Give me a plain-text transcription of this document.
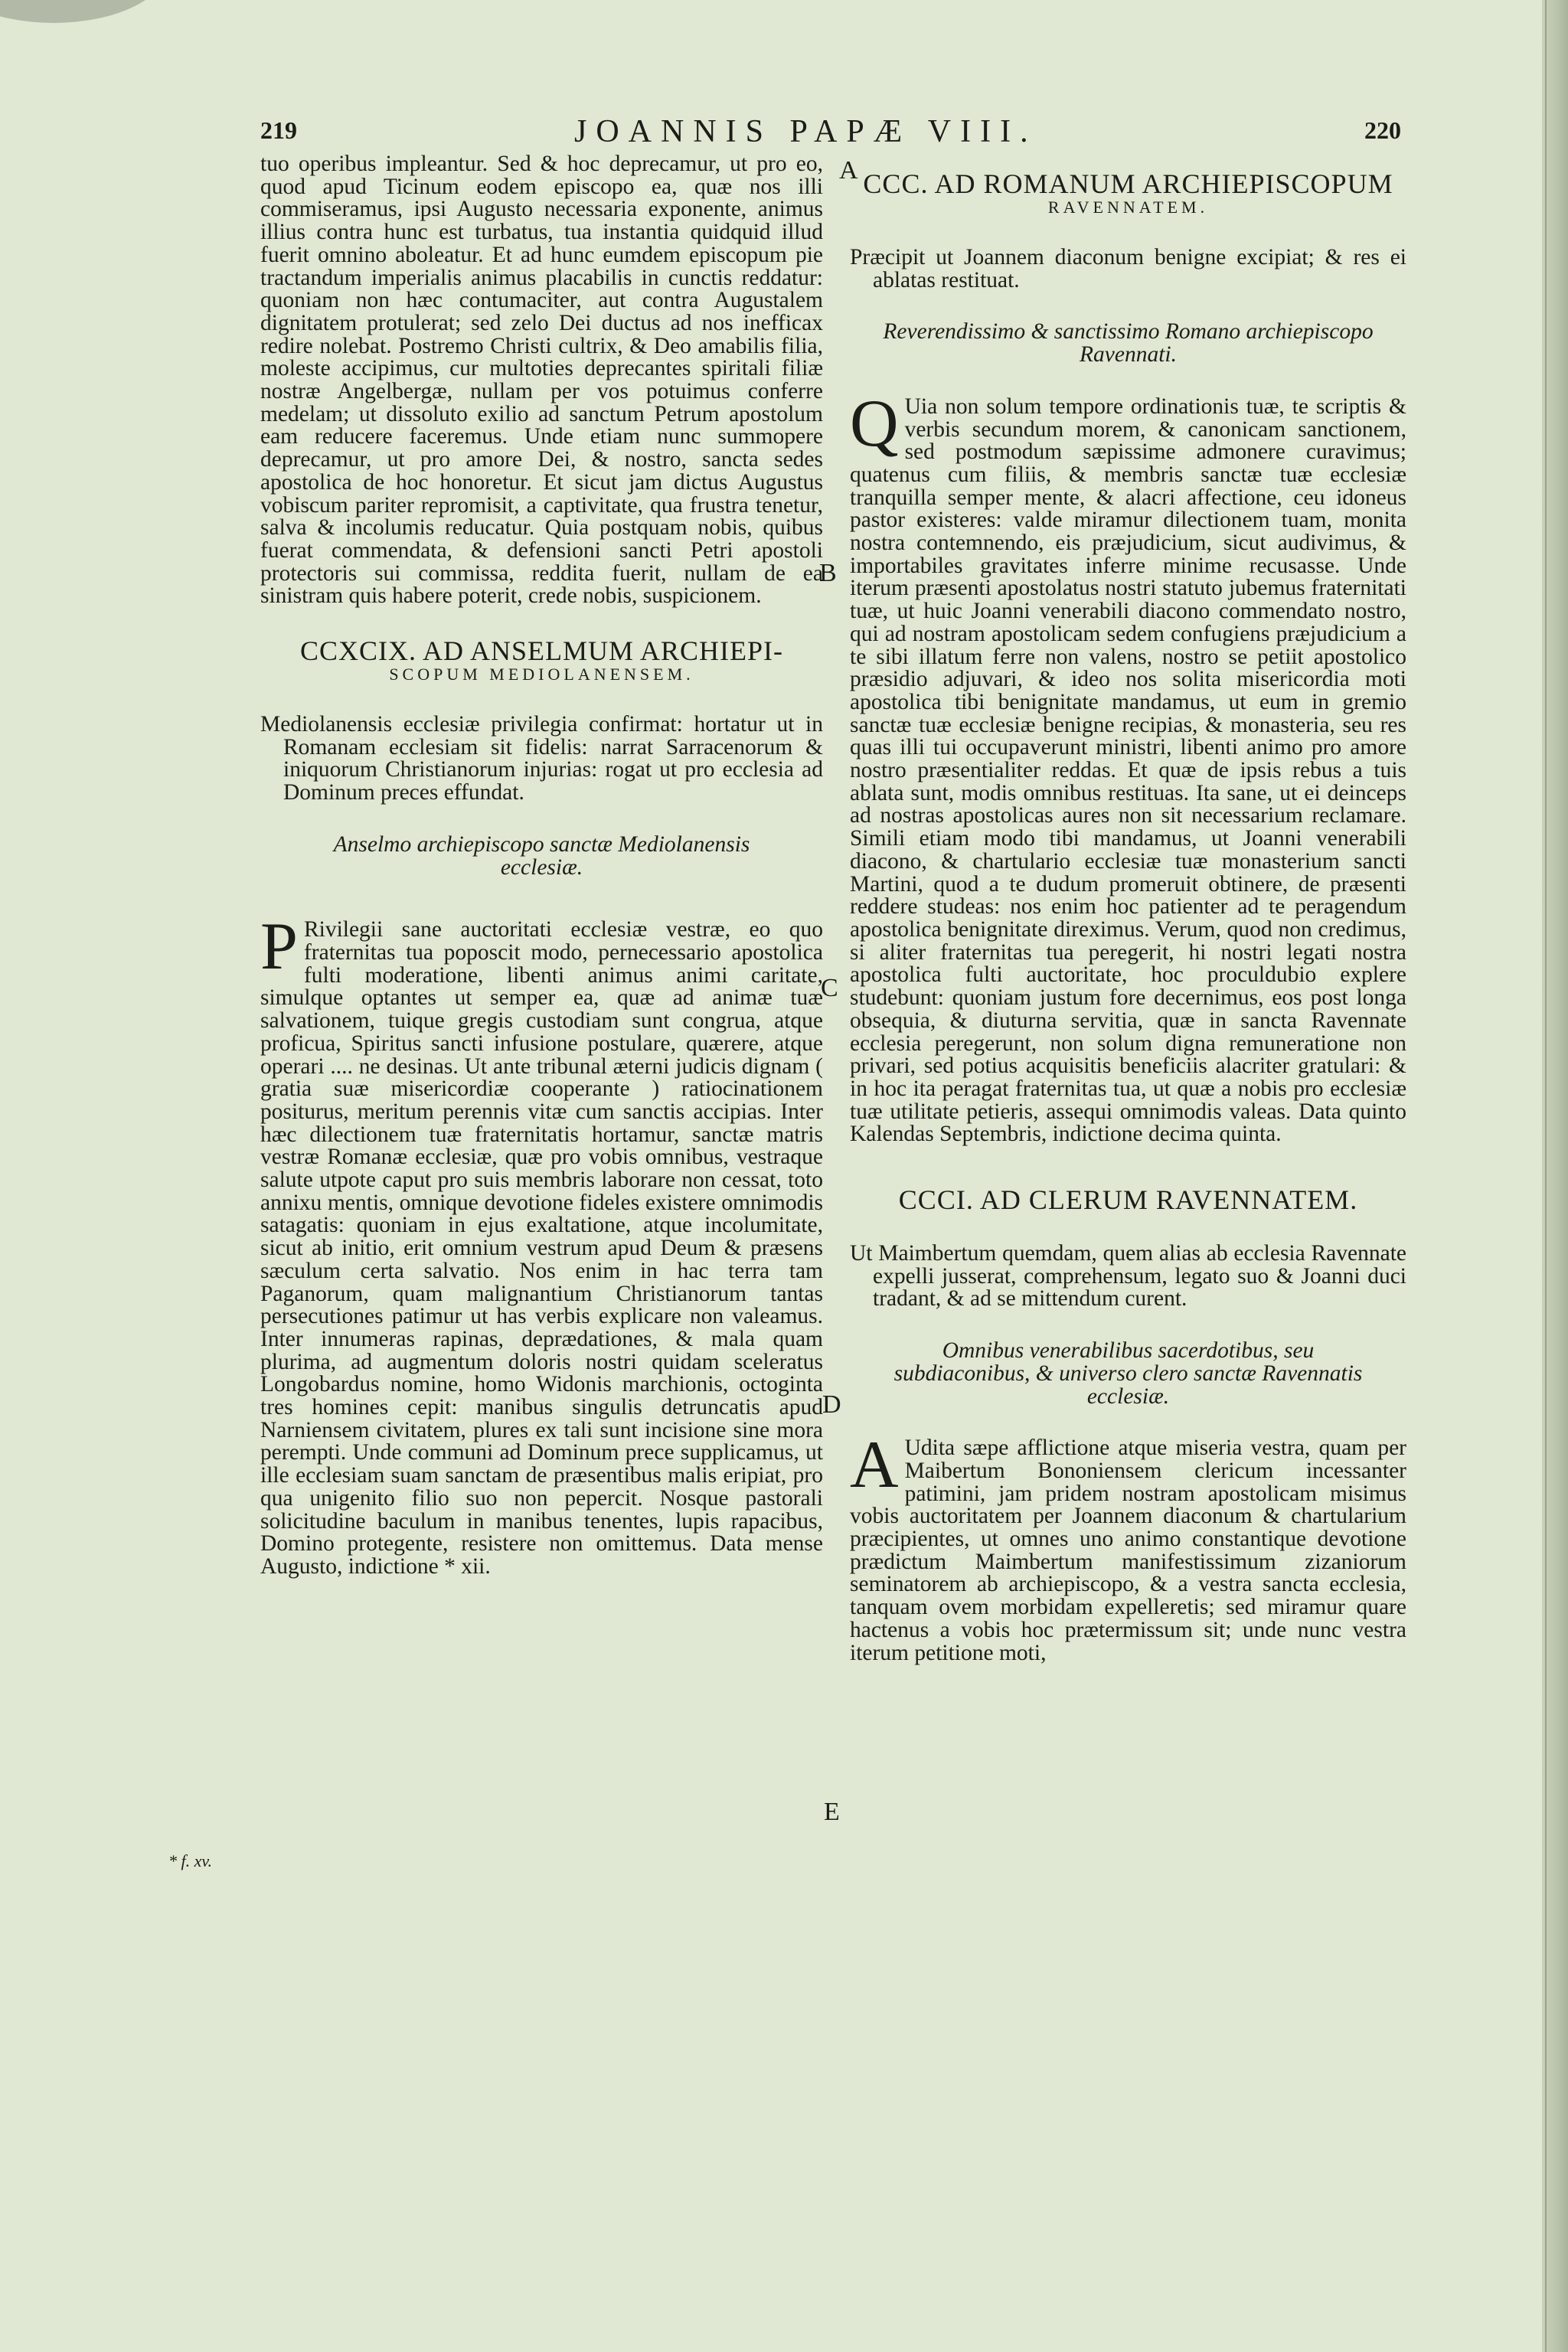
219	JOANNIS PAPÆ VIII.	220

tuo operibus impleantur. Sed & hoc deprecamur, ut pro eo, quod apud Ticinum eodem episcopo ea, quæ nos illi commiseramus, ipsi Augusto necessaria exponente, animus illius contra hunc est turbatus, tua instantia quidquid illud fuerit omnino aboleatur. Et ad hunc eumdem episcopum pie tractandum imperialis animus placabilis in cunctis reddatur: quoniam non hæc contumaciter, aut contra Augustalem dignitatem protulerat; sed zelo Dei ductus ad nos inefficax redire nolebat. Postremo Christi cultrix, & Deo amabilis filia, moleste accipimus, cur multoties deprecantes spiritali filiæ nostræ Angelbergæ, nullam per vos potuimus conferre medelam; ut dissoluto exilio ad sanctum Petrum apostolum eam reducere faceremus. Unde etiam nunc summopere deprecamur, ut pro amore Dei, & nostro, sancta sedes apostolica de hoc honoretur. Et sicut jam dictus Augustus vobiscum pariter repromisit, a captivitate, qua frustra tenetur, salva & incolumis reducatur. Quia postquam nobis, quibus fuerat commendata, & defensioni sancti Petri apostoli protectoris sui commissa, reddita fuerit, nullam de ea sinistram quis habere poterit, crede nobis, suspicionem.

CCXCIX. AD ANSELMUM ARCHIEPI-

SCOPUM MEDIOLANENSEM.

Mediolanensis ecclesiæ privilegia confirmat: hortatur ut in Romanam ecclesiam sit fidelis: narrat Sarracenorum & iniquorum Christianorum injurias: rogat ut pro ecclesia ad Dominum preces effundat.

Anselmo archiepiscopo sanctæ Mediolanensis ecclesiæ.

P Rivilegii sane auctoritati ecclesiæ vestræ, eo quo fraternitas tua poposcit modo, pernecessario apostolica fulti moderatione, libenti animus animi caritate, simulque optantes ut semper ea, quæ ad animæ tuæ salvationem, tuique gregis custodiam sunt congrua, atque proficua, Spiritus sancti infusione postulare, quærere, atque operari .... ne desinas. Ut ante tribunal æterni judicis dignam ( gratia suæ misericordiæ cooperante ) ratiocinationem positurus, meritum perennis vitæ cum sanctis accipias. Inter hæc dilectionem tuæ fraternitatis hortamur, sanctæ matris vestræ Romanæ ecclesiæ, quæ pro vobis omnibus, vestraque salute utpote caput pro suis membris laborare non cessat, toto annixu mentis, omnique devotione fideles existere omnimodis satagatis: quoniam in ejus exaltatione, atque incolumitate, sicut ab initio, erit omnium vestrum apud Deum & præsens sæculum certa salvatio. Nos enim in hac terra tam Paganorum, quam malignantium Christianorum tantas persecutiones patimur ut has verbis explicare non valeamus. Inter innumeras rapinas, deprædationes, & mala quam plurima, ad augmentum doloris nostri quidam sceleratus Longobardus nomine, homo Widonis marchionis, octoginta tres homines cepit: manibus singulis detruncatis apud Narniensem civitatem, plures ex tali sunt incisione sine mora perempti. Unde communi ad Dominum prece supplicamus, ut ille ecclesiam suam sanctam de præsentibus malis eripiat, pro qua unigenito filio suo non pepercit. Nosque pastorali solicitudine baculum in manibus tenentes, lupis rapacibus, Domino protegente, resistere non omittemus. Data mense Augusto, indictione * xii.

CCC. AD ROMANUM ARCHIEPISCOPUM

RAVENNATEM.

Præcipit ut Joannem diaconum benigne excipiat; & res ei ablatas restituat.

Reverendissimo & sanctissimo Romano archiepiscopo Ravennati.

Q Uia non solum tempore ordinationis tuæ, te scriptis & verbis secundum morem, & canonicam sanctionem, sed postmodum sæpissime admonere curavimus; quatenus cum filiis, & membris sanctæ tuæ ecclesiæ tranquilla semper mente, & alacri affectione, ceu idoneus pastor existeres: valde miramur dilectionem tuam, monita nostra contemnendo, eis præjudicium, sicut audivimus, & importabiles gravitates inferre minime recusasse. Unde iterum præsenti apostolatus nostri statuto jubemus fraternitati tuæ, ut huic Joanni venerabili diacono commendato nostro, qui ad nostram apostolicam sedem confugiens præjudicium a te sibi illatum ferre non valens, nostro se petiit apostolico præsidio adjuvari, & ideo nos solita misericordia moti apostolica tibi benignitate mandamus, ut eum in gremio sanctæ tuæ ecclesiæ benigne recipias, & monasteria, seu res quas illi tui occupaverunt ministri, libenti animo pro amore nostro præsentialiter reddas. Et quæ de ipsis rebus a tuis ablata sunt, modis omnibus restituas. Ita sane, ut ei deinceps ad nostras apostolicas aures non sit necessarium reclamare. Simili etiam modo tibi mandamus, ut Joanni venerabili diacono, & chartulario ecclesiæ tuæ monasterium sancti Martini, quod a te dudum promeruit obtinere, de præsenti reddere studeas: nos enim hoc patienter ad te peragendum apostolica benignitate direximus. Verum, quod non credimus, si aliter fraternitas tua peregerit, hi nostri legati nostra apostolica fulti auctoritate, hoc proculdubio explere studebunt: quoniam justum fore decernimus, eos post longa obsequia, & diuturna servitia, quæ in sancta Ravennate ecclesia peregerunt, non solum digna remuneratione non privari, sed potius acquisitis beneficiis alacriter gratulari: & in hoc ita peragat fraternitas tua, ut quæ a nobis pro ecclesiæ tuæ utilitate petieris, assequi omnimodis valeas. Data quinto Kalendas Septembris, indictione decima quinta.

CCCI. AD CLERUM RAVENNATEM.

Ut Maimbertum quemdam, quem alias ab ecclesia Ravennate expelli jusserat, comprehensum, legato suo & Joanni duci tradant, & ad se mittendum curent.

Omnibus venerabilibus sacerdotibus, seu subdiaconibus, & universo clero sanctæ Ravennatis ecclesiæ.

A Udita sæpe afflictione atque miseria vestra, quam per Maibertum Bononiensem clericum incessanter patimini, jam pridem nostram apostolicam misimus vobis auctoritatem per Joannem diaconum & chartularium præcipientes, ut omnes uno animo constantique devotione prædictum Maimbertum manifestissimum zizaniorum seminatorem ab archiepiscopo, & a vestra sancta ecclesia, tanquam ovem morbidam expelleretis; sed miramur quare hactenus a vobis hoc prætermissum sit; unde nunc vestra iterum petitione moti,

A
B
C
D
E
* f. xv.
